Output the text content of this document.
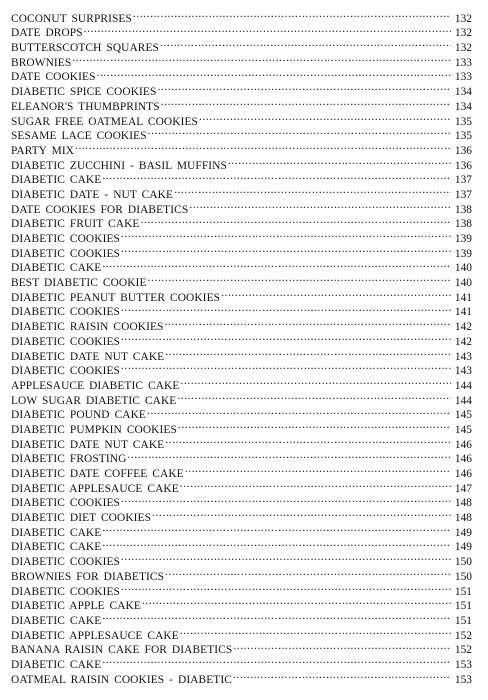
COCONUT SURPRISES .....	132
DATE DROPS .....	132
BUTTERSCOTCH SQUARES .....	132
BROWNIES .....	133
DATE COOKIES .....	133
DIABETIC SPICE COOKIES .....	134
ELEANOR'S THUMBPRINTS .....	134
SUGAR FREE OATMEAL COOKIES .....	135
SESAME LACE COOKIES .....	135
PARTY MIX .....	136
DIABETIC ZUCCHINI - BASIL MUFFINS .....	136
DIABETIC CAKE .....	137
DIABETIC DATE - NUT CAKE .....	137
DATE COOKIES FOR DIABETICS .....	138
DIABETIC FRUIT CAKE .....	138
DIABETIC COOKIES .....	139
DIABETIC COOKIES .....	139
DIABETIC CAKE .....	140
BEST DIABETIC COOKIE .....	140
DIABETIC PEANUT BUTTER COOKIES .....	141
DIABETIC COOKIES .....	141
DIABETIC RAISIN COOKIES .....	142
DIABETIC COOKIES .....	142
DIABETIC DATE NUT CAKE .....	143
DIABETIC COOKIES .....	143
APPLESAUCE DIABETIC CAKE .....	144
LOW SUGAR DIABETIC CAKE .....	144
DIABETIC POUND CAKE .....	145
DIABETIC PUMPKIN COOKIES .....	145
DIABETIC DATE NUT CAKE .....	146
DIABETIC FROSTING .....	146
DIABETIC DATE COFFEE CAKE .....	146
DIABETIC APPLESAUCE CAKE .....	147
DIABETIC COOKIES .....	148
DIABETIC DIET COOKIES .....	148
DIABETIC CAKE .....	149
DIABETIC CAKE .....	149
DIABETIC COOKIES .....	150
BROWNIES FOR DIABETICS .....	150
DIABETIC COOKIES .....	151
DIABETIC APPLE CAKE .....	151
DIABETIC CAKE .....	151
DIABETIC APPLESAUCE CAKE .....	152
BANANA RAISIN CAKE FOR DIABETICS .....	152
DIABETIC CAKE .....	153
OATMEAL RAISIN COOKIES - DIABETIC .....	153
